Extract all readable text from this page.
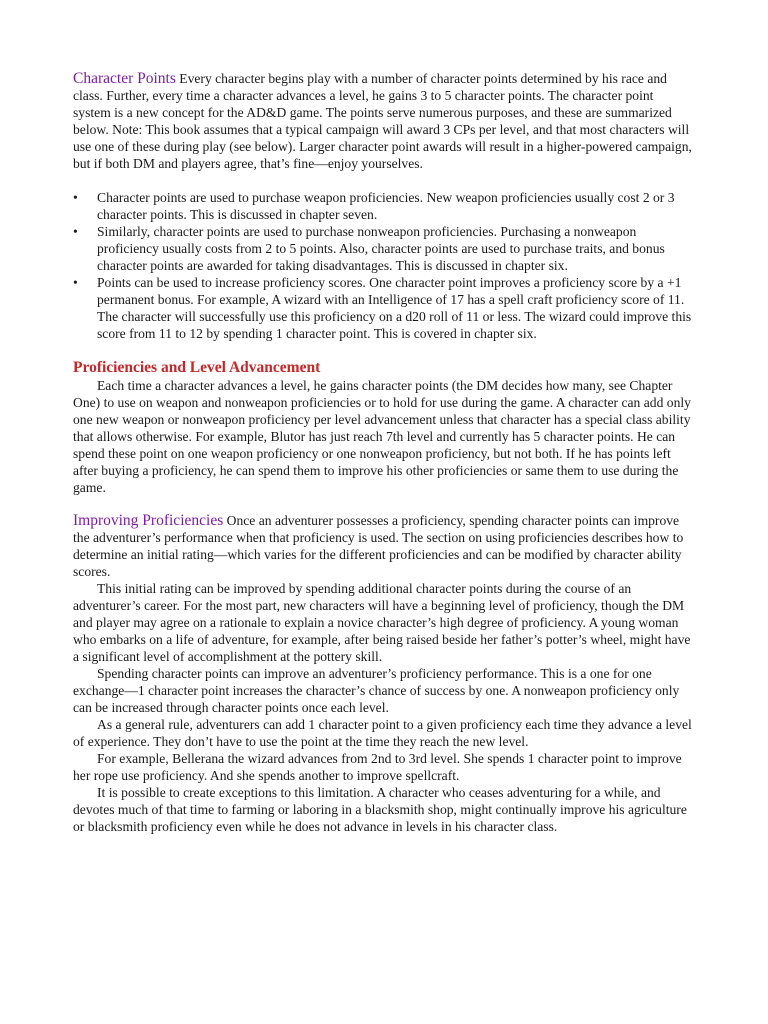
Character Points Every character begins play with a number of character points determined by his race and class. Further, every time a character advances a level, he gains 3 to 5 character points. The character point system is a new concept for the AD&D game. The points serve numerous purposes, and these are summarized below. Note: This book assumes that a typical campaign will award 3 CPs per level, and that most characters will use one of these during play (see below). Larger character point awards will result in a higher-powered campaign, but if both DM and players agree, that’s fine—enjoy yourselves.

• Character points are used to purchase weapon proficiencies. New weapon proficiencies usually cost 2 or 3 character points. This is discussed in chapter seven.
• Similarly, character points are used to purchase nonweapon proficiencies. Purchasing a nonweapon proficiency usually costs from 2 to 5 points. Also, character points are used to purchase traits, and bonus character points are awarded for taking disadvantages. This is discussed in chapter six.
• Points can be used to increase proficiency scores. One character point improves a proficiency score by a +1 permanent bonus. For example, A wizard with an Intelligence of 17 has a spell craft proficiency score of 11. The character will successfully use this proficiency on a d20 roll of 11 or less. The wizard could improve this score from 11 to 12 by spending 1 character point. This is covered in chapter six.
Proficiencies and Level Advancement

Each time a character advances a level, he gains character points (the DM decides how many, see Chapter One) to use on weapon and nonweapon proficiencies or to hold for use during the game. A character can add only one new weapon or nonweapon proficiency per level advancement unless that character has a special class ability that allows otherwise. For example, Blutor has just reach 7th level and currently has 5 character points. He can spend these point on one weapon proficiency or one nonweapon proficiency, but not both. If he has points left after buying a proficiency, he can spend them to improve his other proficiencies or same them to use during the game.

Improving Proficiencies Once an adventurer possesses a proficiency, spending character points can improve the adventurer’s performance when that proficiency is used. The section on using proficiencies describes how to determine an initial rating—which varies for the different proficiencies and can be modified by character ability scores.

This initial rating can be improved by spending additional character points during the course of an adventurer’s career. For the most part, new characters will have a beginning level of proficiency, though the DM and player may agree on a rationale to explain a novice character’s high degree of proficiency. A young woman who embarks on a life of adventure, for example, after being raised beside her father’s potter’s wheel, might have a significant level of accomplishment at the pottery skill.

Spending character points can improve an adventurer’s proficiency performance. This is a one for one exchange—1 character point increases the character’s chance of success by one. A nonweapon proficiency only can be increased through character points once each level.

As a general rule, adventurers can add 1 character point to a given proficiency each time they advance a level of experience. They don’t have to use the point at the time they reach the new level.

For example, Bellerana the wizard advances from 2nd to 3rd level. She spends 1 character point to improve her rope use proficiency. And she spends another to improve spellcraft.

It is possible to create exceptions to this limitation. A character who ceases adventuring for a while, and devotes much of that time to farming or laboring in a blacksmith shop, might continually improve his agriculture or blacksmith proficiency even while he does not advance in levels in his character class.
